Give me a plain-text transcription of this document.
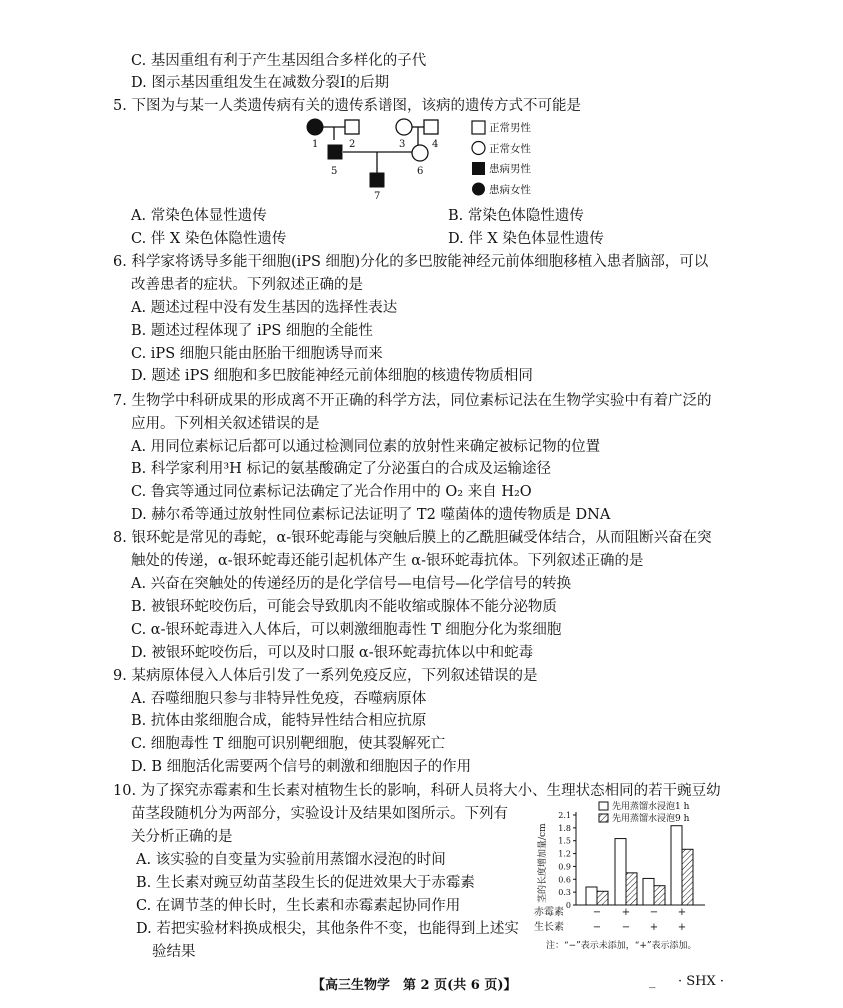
C. 基因重组有利于产生基因组合多样化的子代
D. 图示基因重组发生在减数分裂Ⅰ的后期
5. 下图为与某一人类遗传病有关的遗传系谱图，该病的遗传方式不可能是
1	2	3	4
5	6
7
正常男性
正常女性
患病男性
患病女性
A. 常染色体显性遗传	B. 常染色体隐性遗传
C. 伴 X 染色体隐性遗传	D. 伴 X 染色体显性遗传
6. 科学家将诱导多能干细胞(iPS 细胞)分化的多巴胺能神经元前体细胞移植入患者脑部，可以
改善患者的症状。下列叙述正确的是
A. 题述过程中没有发生基因的选择性表达
B. 题述过程体现了 iPS 细胞的全能性
C. iPS 细胞只能由胚胎干细胞诱导而来
D. 题述 iPS 细胞和多巴胺能神经元前体细胞的核遗传物质相同
7. 生物学中科研成果的形成离不开正确的科学方法，同位素标记法在生物学实验中有着广泛的
应用。下列相关叙述错误的是
A. 用同位素标记后都可以通过检测同位素的放射性来确定被标记物的位置
B. 科学家利用³H 标记的氨基酸确定了分泌蛋白的合成及运输途径
C. 鲁宾等通过同位素标记法确定了光合作用中的 O₂ 来自 H₂O
D. 赫尔希等通过放射性同位素标记法证明了 T2 噬菌体的遗传物质是 DNA
8. 银环蛇是常见的毒蛇，α-银环蛇毒能与突触后膜上的乙酰胆碱受体结合，从而阻断兴奋在突
触处的传递，α-银环蛇毒还能引起机体产生 α-银环蛇毒抗体。下列叙述正确的是
A. 兴奋在突触处的传递经历的是化学信号—电信号—化学信号的转换
B. 被银环蛇咬伤后，可能会导致肌肉不能收缩或腺体不能分泌物质
C. α-银环蛇毒进入人体后，可以刺激细胞毒性 T 细胞分化为浆细胞
D. 被银环蛇咬伤后，可以及时口服 α-银环蛇毒抗体以中和蛇毒
9. 某病原体侵入人体后引发了一系列免疫反应，下列叙述错误的是
A. 吞噬细胞只参与非特异性免疫，吞噬病原体
B. 抗体由浆细胞合成，能特异性结合相应抗原
C. 细胞毒性 T 细胞可识别靶细胞，使其裂解死亡
D. B 细胞活化需要两个信号的刺激和细胞因子的作用
10. 为了探究赤霉素和生长素对植物生长的影响，科研人员将大小、生理状态相同的若干豌豆幼
苗茎段随机分为两部分，实验设计及结果如图所示。下列有
关分析正确的是
A. 该实验的自变量为实验前用蒸馏水浸泡的时间
B. 生长素对豌豆幼苗茎段生长的促进效果大于赤霉素
C. 在调节茎的伸长时，生长素和赤霉素起协同作用
D. 若把实验材料换成根尖，其他条件不变，也能得到上述实
验结果
0
0.3
0.6
0.9
1.2
1.5
1.8
2.1
− + − +
− − + +
茎的长度增加量/cm
先用蒸馏水浸泡1 h
先用蒸馏水浸泡9 h
赤霉素
生长素
注：“−”表示未添加，“+”表示添加。
【高三生物学　第 2 页(共 6 页)】	_ · SHX ·
